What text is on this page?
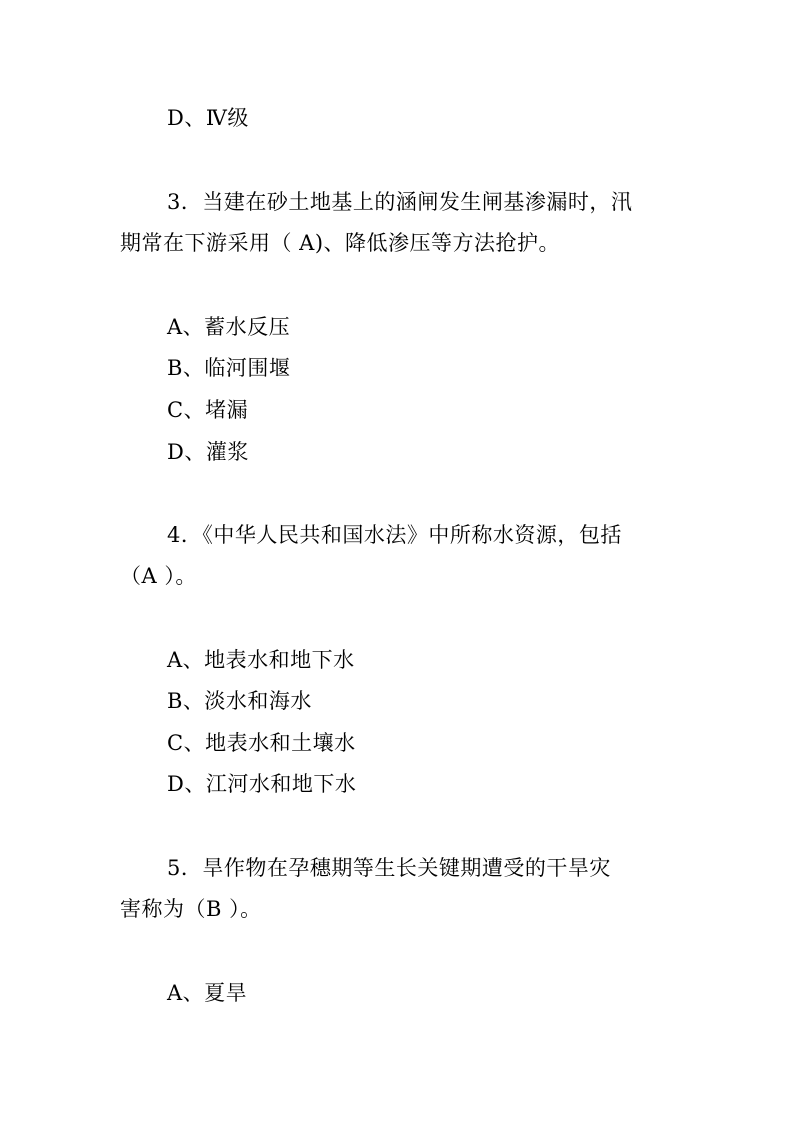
D、Ⅳ级
3．当建在砂土地基上的涵闸发生闸基渗漏时，汛
期常在下游采用（ A)、降低渗压等方法抢护。
A、蓄水反压
B、临河围堰
C、堵漏
D、灌浆
4．《中华人民共和国水法》中所称水资源，包括
（A ）。
A、地表水和地下水
B、淡水和海水
C、地表水和土壤水
D、江河水和地下水
5．旱作物在孕穗期等生长关键期遭受的干旱灾
害称为（B ）。
A、夏旱
